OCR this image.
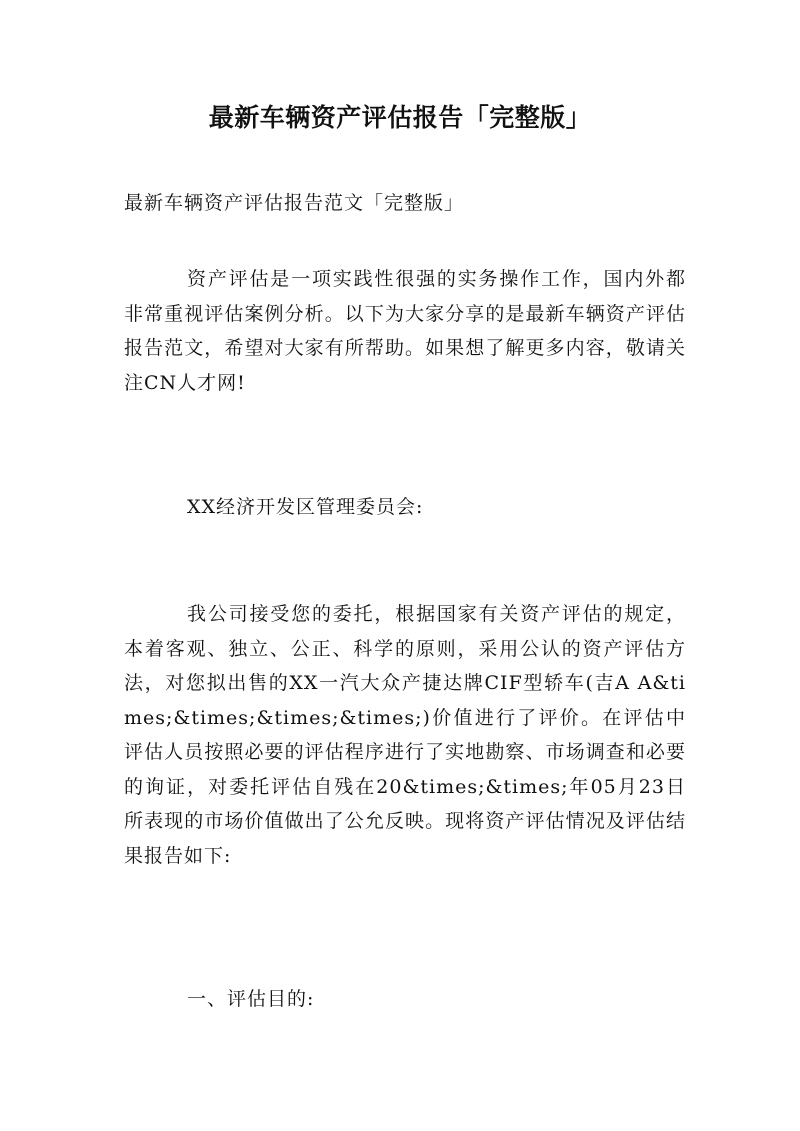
最新车辆资产评估报告「完整版」

最新车辆资产评估报告范文「完整版」

资产评估是一项实践性很强的实务操作工作，国内外都非常重视评估案例分析。以下为大家分享的是最新车辆资产评估报告范文，希望对大家有所帮助。如果想了解更多内容，敬请关注CN人才网!

XX经济开发区管理委员会:

我公司接受您的委托，根据国家有关资产评估的规定，本着客观、独立、公正、科学的原则，采用公认的资产评估方法，对您拟出售的XX一汽大众产捷达牌CIF型轿车(吉A A&times;&times;&times;&times;)价值进行了评价。在评估中评估人员按照必要的评估程序进行了实地勘察、市场调查和必要的询证，对委托评估自残在20&times;&times;年05月23日所表现的市场价值做出了公允反映。现将资产评估情况及评估结果报告如下:

一、评估目的:
